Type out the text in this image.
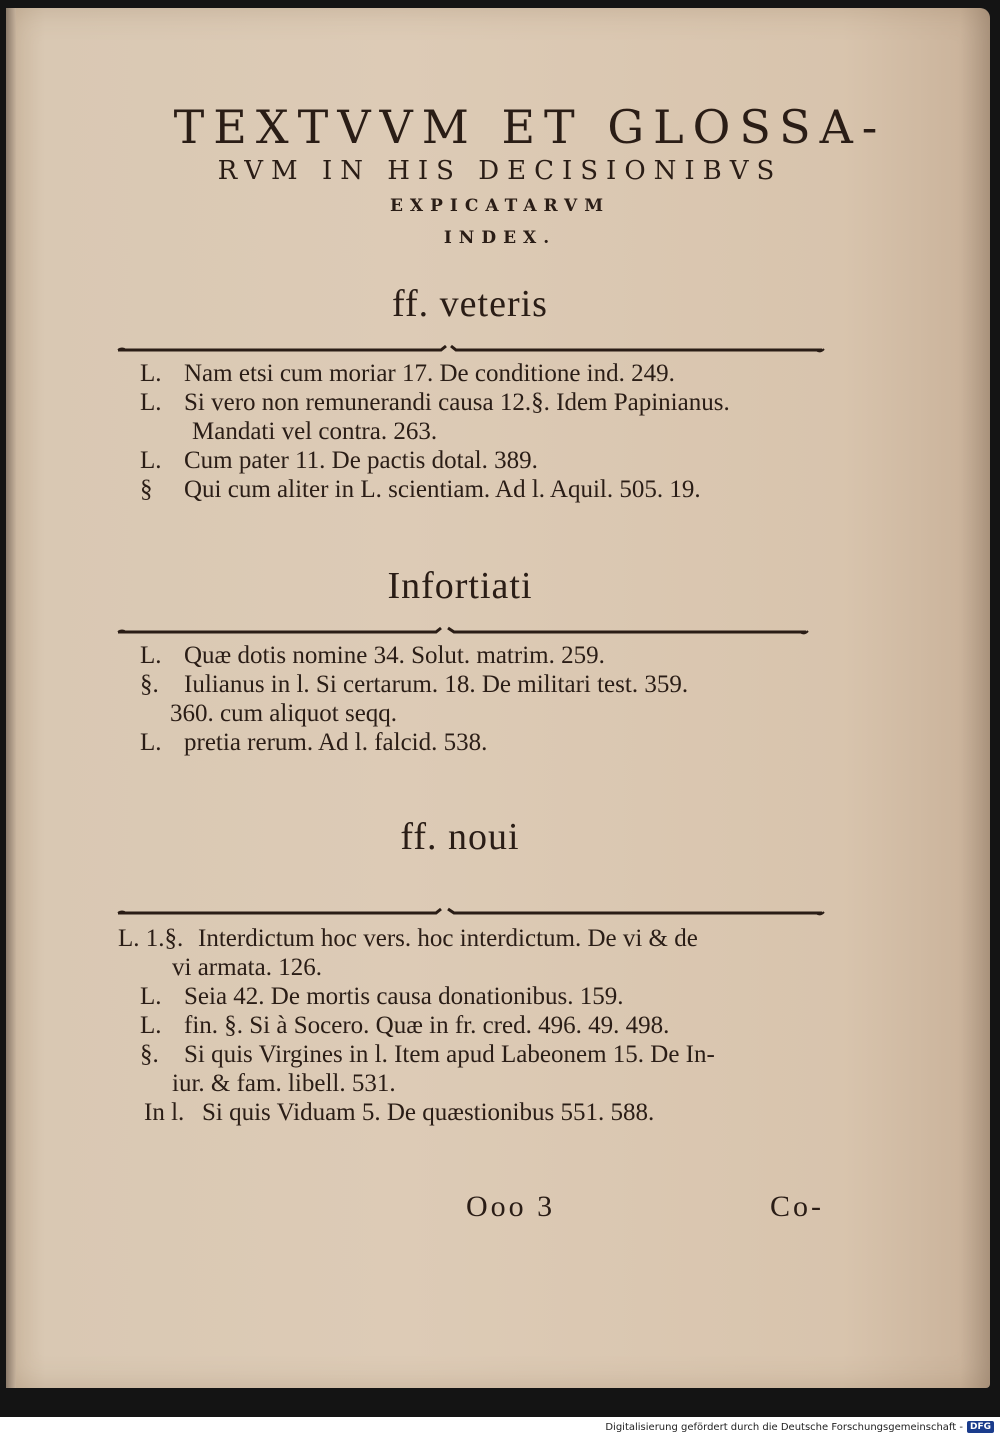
TEXTVVM ET GLOSSA-
RVM IN HIS DECISIONIBVS
EXPICATARVM
INDEX.
ff. veteris
L. Nam etsi cum moriar 17. De conditione ind. 249.
L. Si vero non remunerandi causa 12.§. Idem Papinianus.
Mandati vel contra. 263.
L. Cum pater 11. De pactis dotal. 389.
§ Qui cum aliter in L. scientiam. Ad l. Aquil. 505. 19.
Infortiati
L. Quæ dotis nomine 34. Solut. matrim. 259.
§. Iulianus in l. Si certarum. 18. De militari test. 359.
360. cum aliquot seqq.
L. pretia rerum. Ad l. falcid. 538.
ff. noui
L. 1.§. Interdictum hoc vers. hoc interdictum. De vi & de
vi armata. 126.
L. Seia 42. De mortis causa donationibus. 159.
L. fin. §. Si à Socero. Quæ in fr. cred. 496. 49. 498.
§. Si quis Virgines in l. Item apud Labeonem 15. De In-
iur. & fam. libell. 531.
In l. Si quis Viduam 5. De quæstionibus 551. 588.
Ooo 3	Co-
Digitalisierung gefördert durch die Deutsche Forschungsgemeinschaft - DFG
